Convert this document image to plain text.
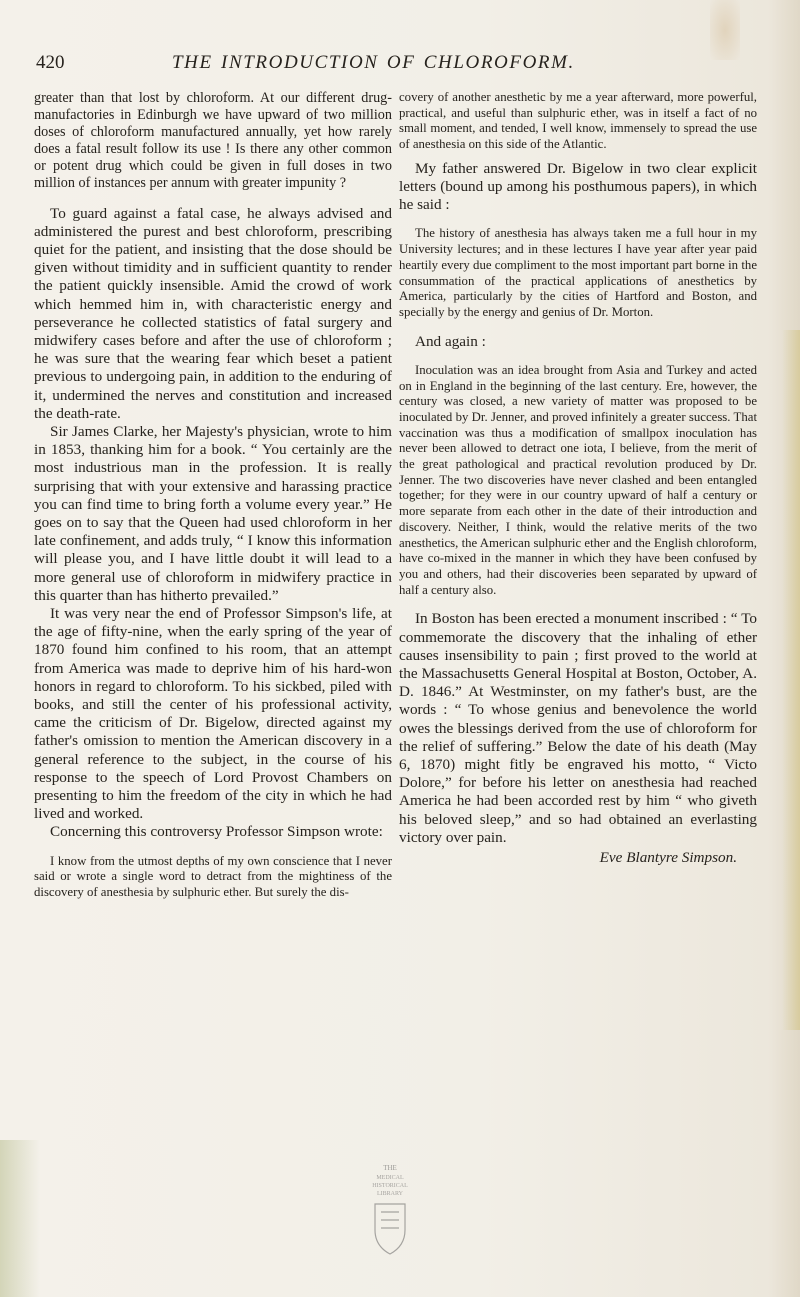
420	THE INTRODUCTION OF CHLOROFORM.

greater than that lost by chloroform. At our different drug-manufactories in Edinburgh we have upward of two million doses of chloroform manufactured annually, yet how rarely does a fatal result follow its use ! Is there any other common or potent drug which could be given in full doses in two million of instances per annum with greater impunity ?

To guard against a fatal case, he always advised and administered the purest and best chloroform, prescribing quiet for the patient, and insisting that the dose should be given without timidity and in sufficient quantity to render the patient quickly insensible. Amid the crowd of work which hemmed him in, with characteristic energy and perseverance he collected statistics of fatal surgery and midwifery cases before and after the use of chloroform ; he was sure that the wearing fear which beset a patient previous to undergoing pain, in addition to the enduring of it, undermined the nerves and constitution and increased the death-rate.

Sir James Clarke, her Majesty's physician, wrote to him in 1853, thanking him for a book. “ You certainly are the most industrious man in the profession. It is really surprising that with your extensive and harassing practice you can find time to bring forth a volume every year.” He goes on to say that the Queen had used chloroform in her late confinement, and adds truly, “ I know this information will please you, and I have little doubt it will lead to a more general use of chloroform in midwifery practice in this quarter than has hitherto prevailed.”

It was very near the end of Professor Simpson's life, at the age of fifty-nine, when the early spring of the year of 1870 found him confined to his room, that an attempt from America was made to deprive him of his hard-won honors in regard to chloroform. To his sickbed, piled with books, and still the center of his professional activity, came the criticism of Dr. Bigelow, directed against my father's omission to mention the American discovery in a general reference to the subject, in the course of his response to the speech of Lord Provost Chambers on presenting to him the freedom of the city in which he had lived and worked.

Concerning this controversy Professor Simpson wrote:

I know from the utmost depths of my own conscience that I never said or wrote a single word to detract from the mightiness of the discovery of anesthesia by sulphuric ether. But surely the dis-

covery of another anesthetic by me a year afterward, more powerful, practical, and useful than sulphuric ether, was in itself a fact of no small moment, and tended, I well know, immensely to spread the use of anesthesia on this side of the Atlantic.

My father answered Dr. Bigelow in two clear explicit letters (bound up among his posthumous papers), in which he said :

The history of anesthesia has always taken me a full hour in my University lectures; and in these lectures I have year after year paid heartily every due compliment to the most important part borne in the consummation of the practical applications of anesthetics by America, particularly by the cities of Hartford and Boston, and specially by the energy and genius of Dr. Morton.

And again :

Inoculation was an idea brought from Asia and Turkey and acted on in England in the beginning of the last century. Ere, however, the century was closed, a new variety of matter was proposed to be inoculated by Dr. Jenner, and proved infinitely a greater success. That vaccination was thus a modification of smallpox inoculation has never been allowed to detract one iota, I believe, from the merit of the great pathological and practical revolution produced by Dr. Jenner. The two discoveries have never clashed and been entangled together; for they were in our country upward of half a century or more separate from each other in the date of their introduction and discovery. Neither, I think, would the relative merits of the two anesthetics, the American sulphuric ether and the English chloroform, have co-mixed in the manner in which they have been confused by you and others, had their discoveries been separated by upward of half a century also.

In Boston has been erected a monument inscribed : “ To commemorate the discovery that the inhaling of ether causes insensibility to pain ; first proved to the world at the Massachusetts General Hospital at Boston, October, A. D. 1846.” At Westminster, on my father's bust, are the words : “ To whose genius and benevolence the world owes the blessings derived from the use of chloroform for the relief of suffering.” Below the date of his death (May 6, 1870) might fitly be engraved his motto, “ Victo Dolore,” for before his letter on anesthesia had reached America he had been accorded rest by him “ who giveth his beloved sleep,” and so had obtained an everlasting victory over pain.

Eve Blantyre Simpson.

THE
MEDICAL
HISTORICAL
LIBRARY
